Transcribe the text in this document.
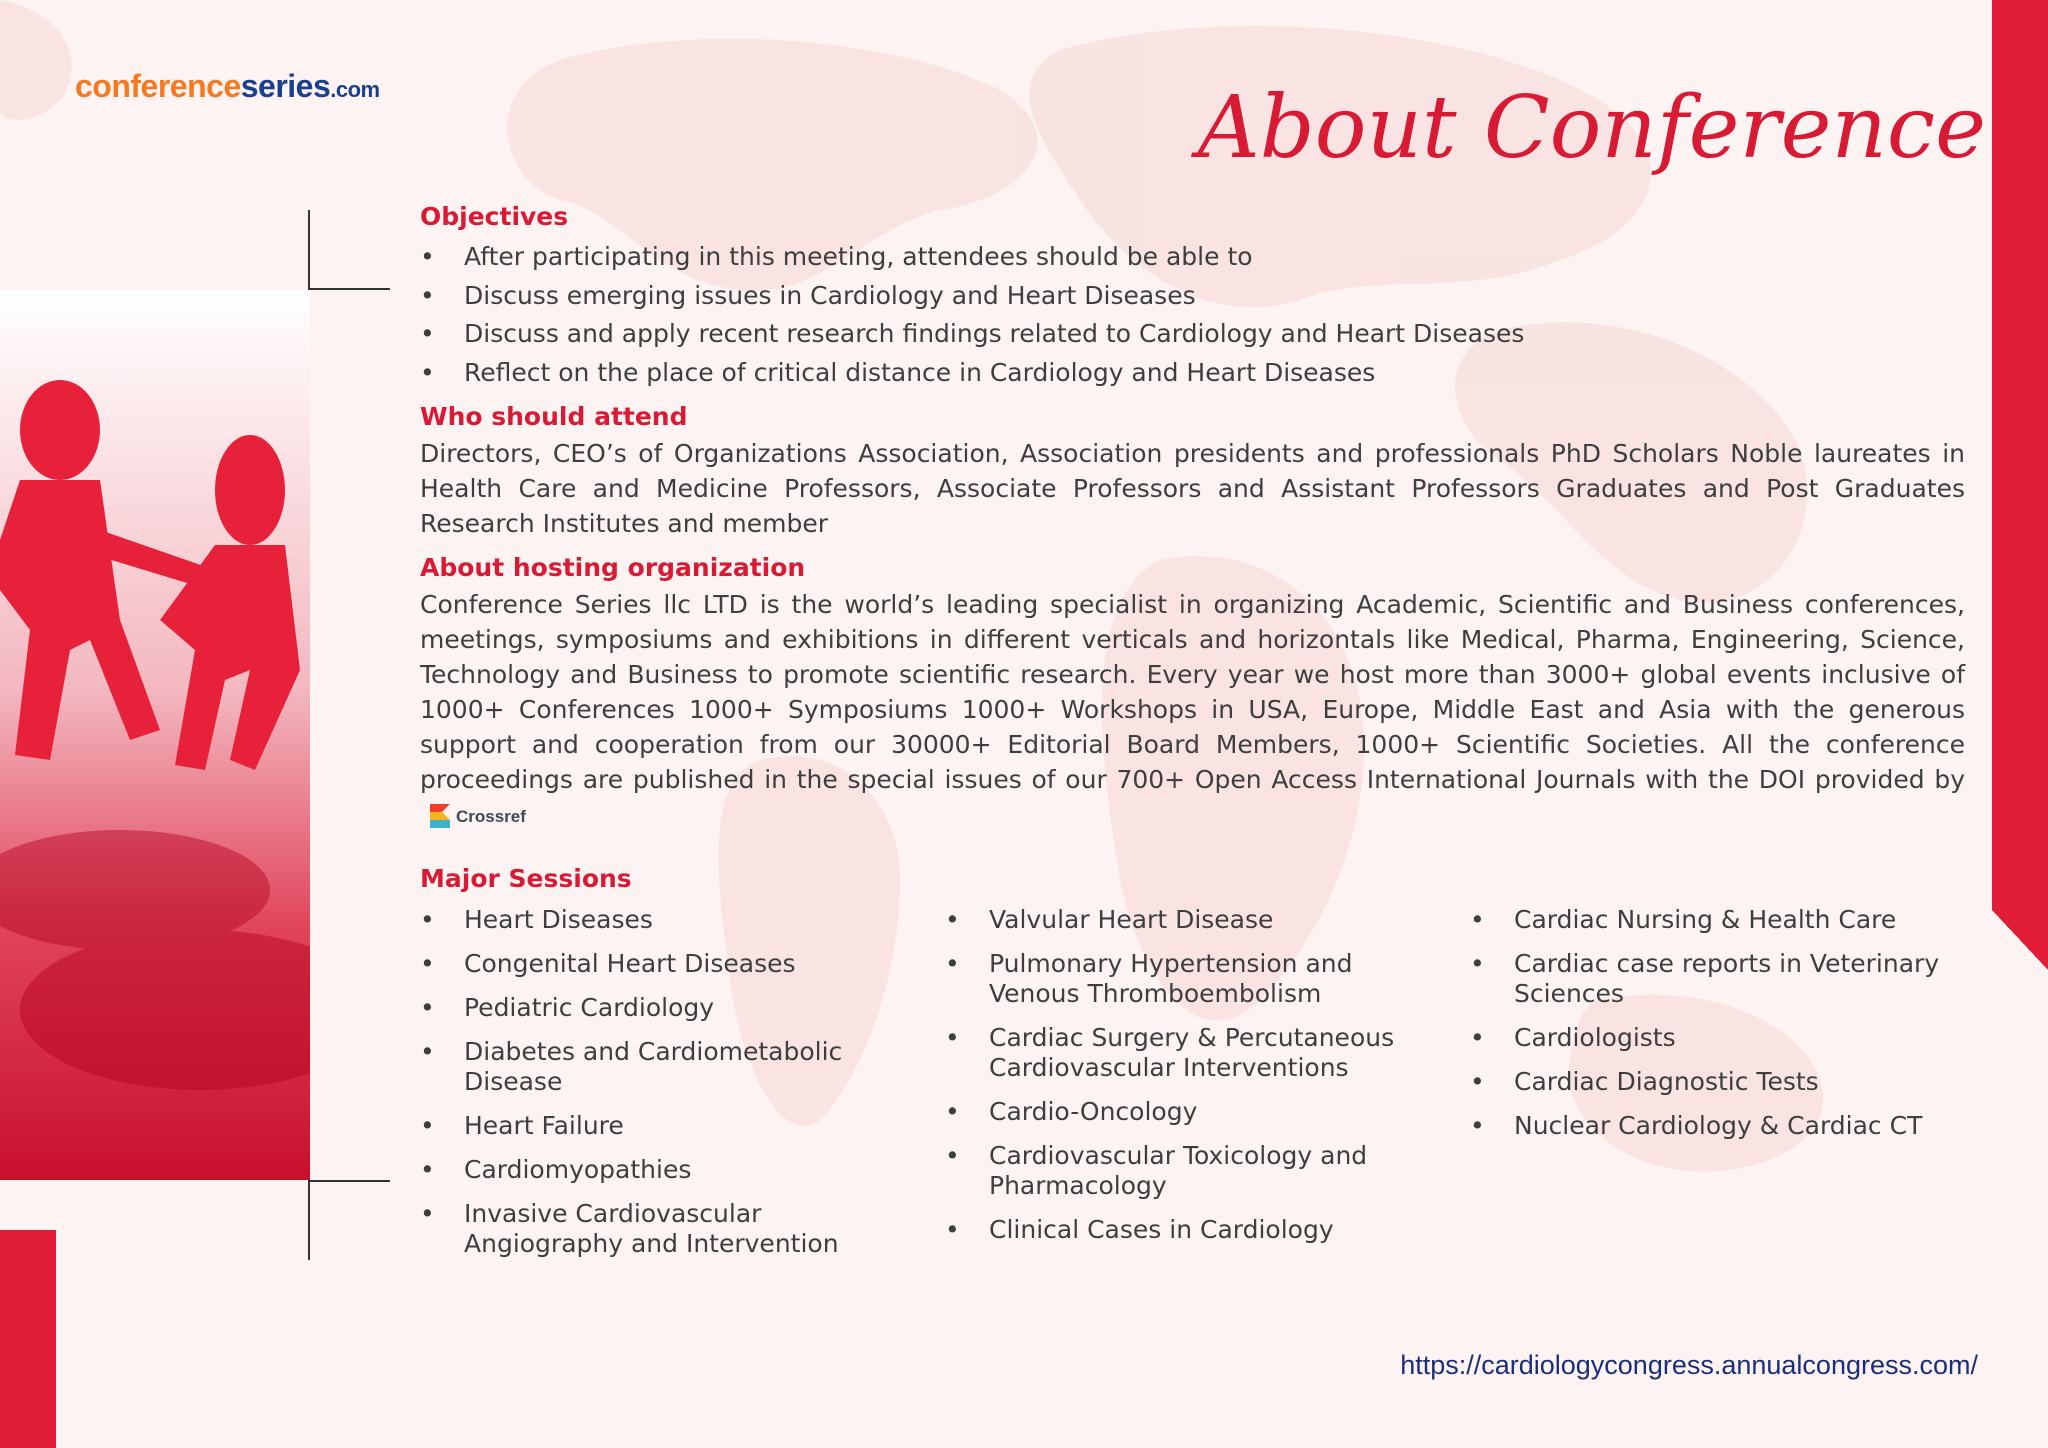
conferenceseries.com	About Conference
Objectives
• After participating in this meeting, attendees should be able to
• Discuss emerging issues in Cardiology and Heart Diseases
• Discuss and apply recent research findings related to Cardiology and Heart Diseases
• Reflect on the place of critical distance in Cardiology and Heart Diseases
Who should attend

Directors, CEO’s of Organizations Association, Association presidents and professionals PhD Scholars Noble laureates in Health Care and Medicine Professors, Associate Professors and Assistant Professors Graduates and Post Graduates Research Institutes and member

About hosting organization

Conference Series llc LTD is the world’s leading specialist in organizing Academic, Scientific and Business conferences, meetings, symposiums and exhibitions in different verticals and horizontals like Medical, Pharma, Engineering, Science, Technology and Business to promote scientific research. Every year we host more than 3000+ global events inclusive of 1000+ Conferences 1000+ Symposiums 1000+ Workshops in USA, Europe, Middle East and Asia with the generous support and cooperation from our 30000+ Editorial Board Members, 1000+ Scientific Societies. All the conference proceedings are published in the special issues of our 700+ Open Access International Journals with the DOI provided by
Crossref

Major Sessions
• Heart Diseases
• Congenital Heart Diseases
• Pediatric Cardiology
• Diabetes and Cardiometabolic Disease
• Heart Failure
• Cardiomyopathies
• Invasive Cardiovascular Angiography and Intervention
• Valvular Heart Disease
• Pulmonary Hypertension and Venous Thromboembolism
• Cardiac Surgery & Percutaneous Cardiovascular Interventions
• Cardio-Oncology
• Cardiovascular Toxicology and Pharmacology
• Clinical Cases in Cardiology
• Cardiac Nursing & Health Care
• Cardiac case reports in Veterinary Sciences
• Cardiologists
• Cardiac Diagnostic Tests
• Nuclear Cardiology & Cardiac CT
https://cardiologycongress.annualcongress.com/
